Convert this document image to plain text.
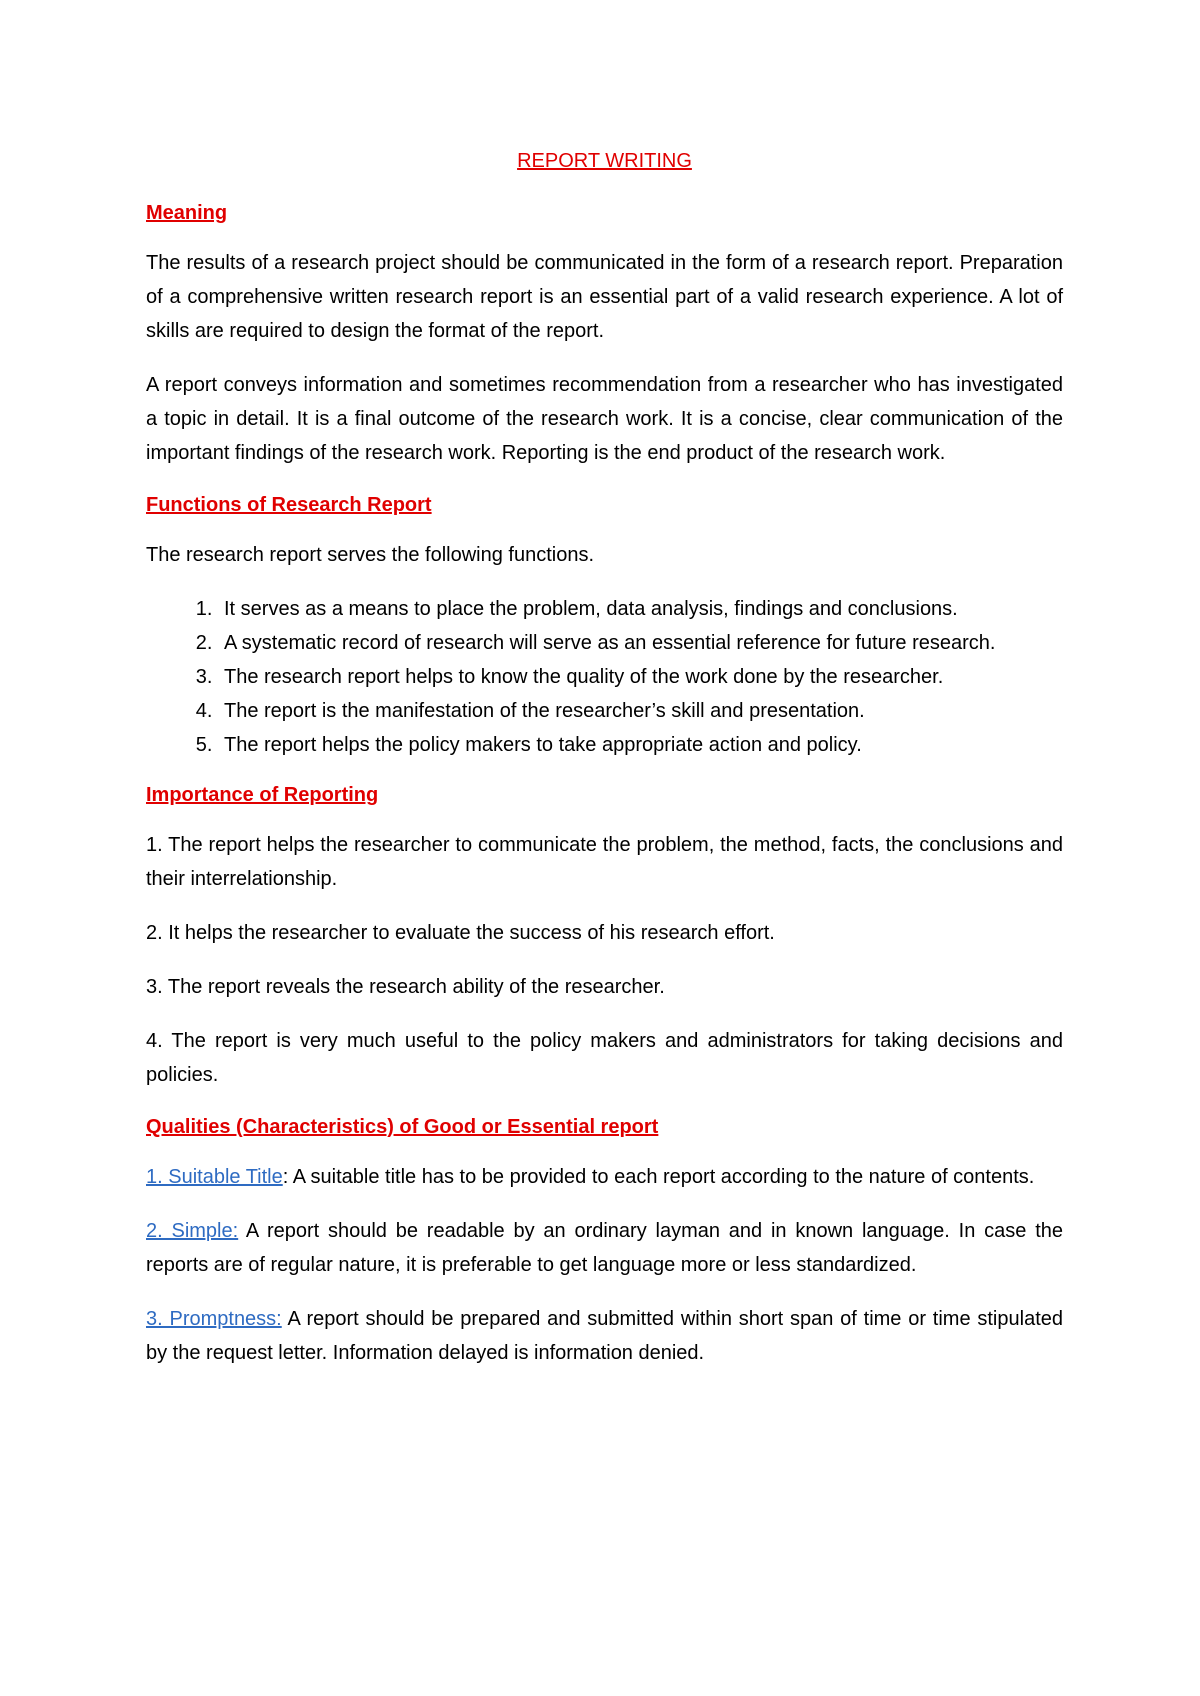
REPORT WRITING
Meaning

The results of a research project should be communicated in the form of a research report. Preparation of a comprehensive written research report is an essential part of a valid research experience. A lot of skills are required to design the format of the report.

A report conveys information and sometimes recommendation from a researcher who has investigated a topic in detail. It is a final outcome of the research work. It is a concise, clear communication of the important findings of the research work. Reporting is the end product of the research work.

Functions of Research Report

The research report serves the following functions.

1. It serves as a means to place the problem, data analysis, findings and conclusions.
2. A systematic record of research will serve as an essential reference for future research.
3. The research report helps to know the quality of the work done by the researcher.
4. The report is the manifestation of the researcher’s skill and presentation.
5. The report helps the policy makers to take appropriate action and policy.
Importance of Reporting

1. The report helps the researcher to communicate the problem, the method, facts, the conclusions and their interrelationship.

2. It helps the researcher to evaluate the success of his research effort.

3. The report reveals the research ability of the researcher.

4. The report is very much useful to the policy makers and administrators for taking decisions and policies.

Qualities (Characteristics) of Good or Essential report

1. Suitable Title: A suitable title has to be provided to each report according to the nature of contents.

2. Simple: A report should be readable by an ordinary layman and in known language. In case the reports are of regular nature, it is preferable to get language more or less standardized.

3. Promptness: A report should be prepared and submitted within short span of time or time stipulated by the request letter. Information delayed is information denied.
